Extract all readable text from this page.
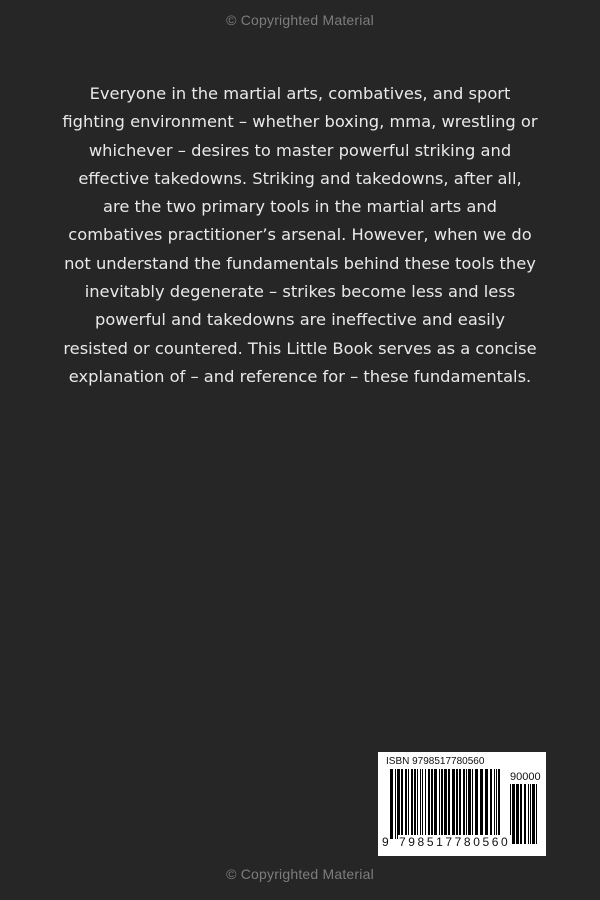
© Copyrighted Material
Everyone in the martial arts, combatives, and sport
fighting environment – whether boxing, mma, wrestling or
whichever – desires to master powerful striking and
effective takedowns. Striking and takedowns, after all,
are the two primary tools in the martial arts and
combatives practitioner’s arsenal. However, when we do
not understand the fundamentals behind these tools they
inevitably degenerate – strikes become less and less
powerful and takedowns are ineffective and easily
resisted or countered. This Little Book serves as a concise
explanation of – and reference for – these fundamentals.
ISBN 9798517780560
90000
9 798517780560
© Copyrighted Material
